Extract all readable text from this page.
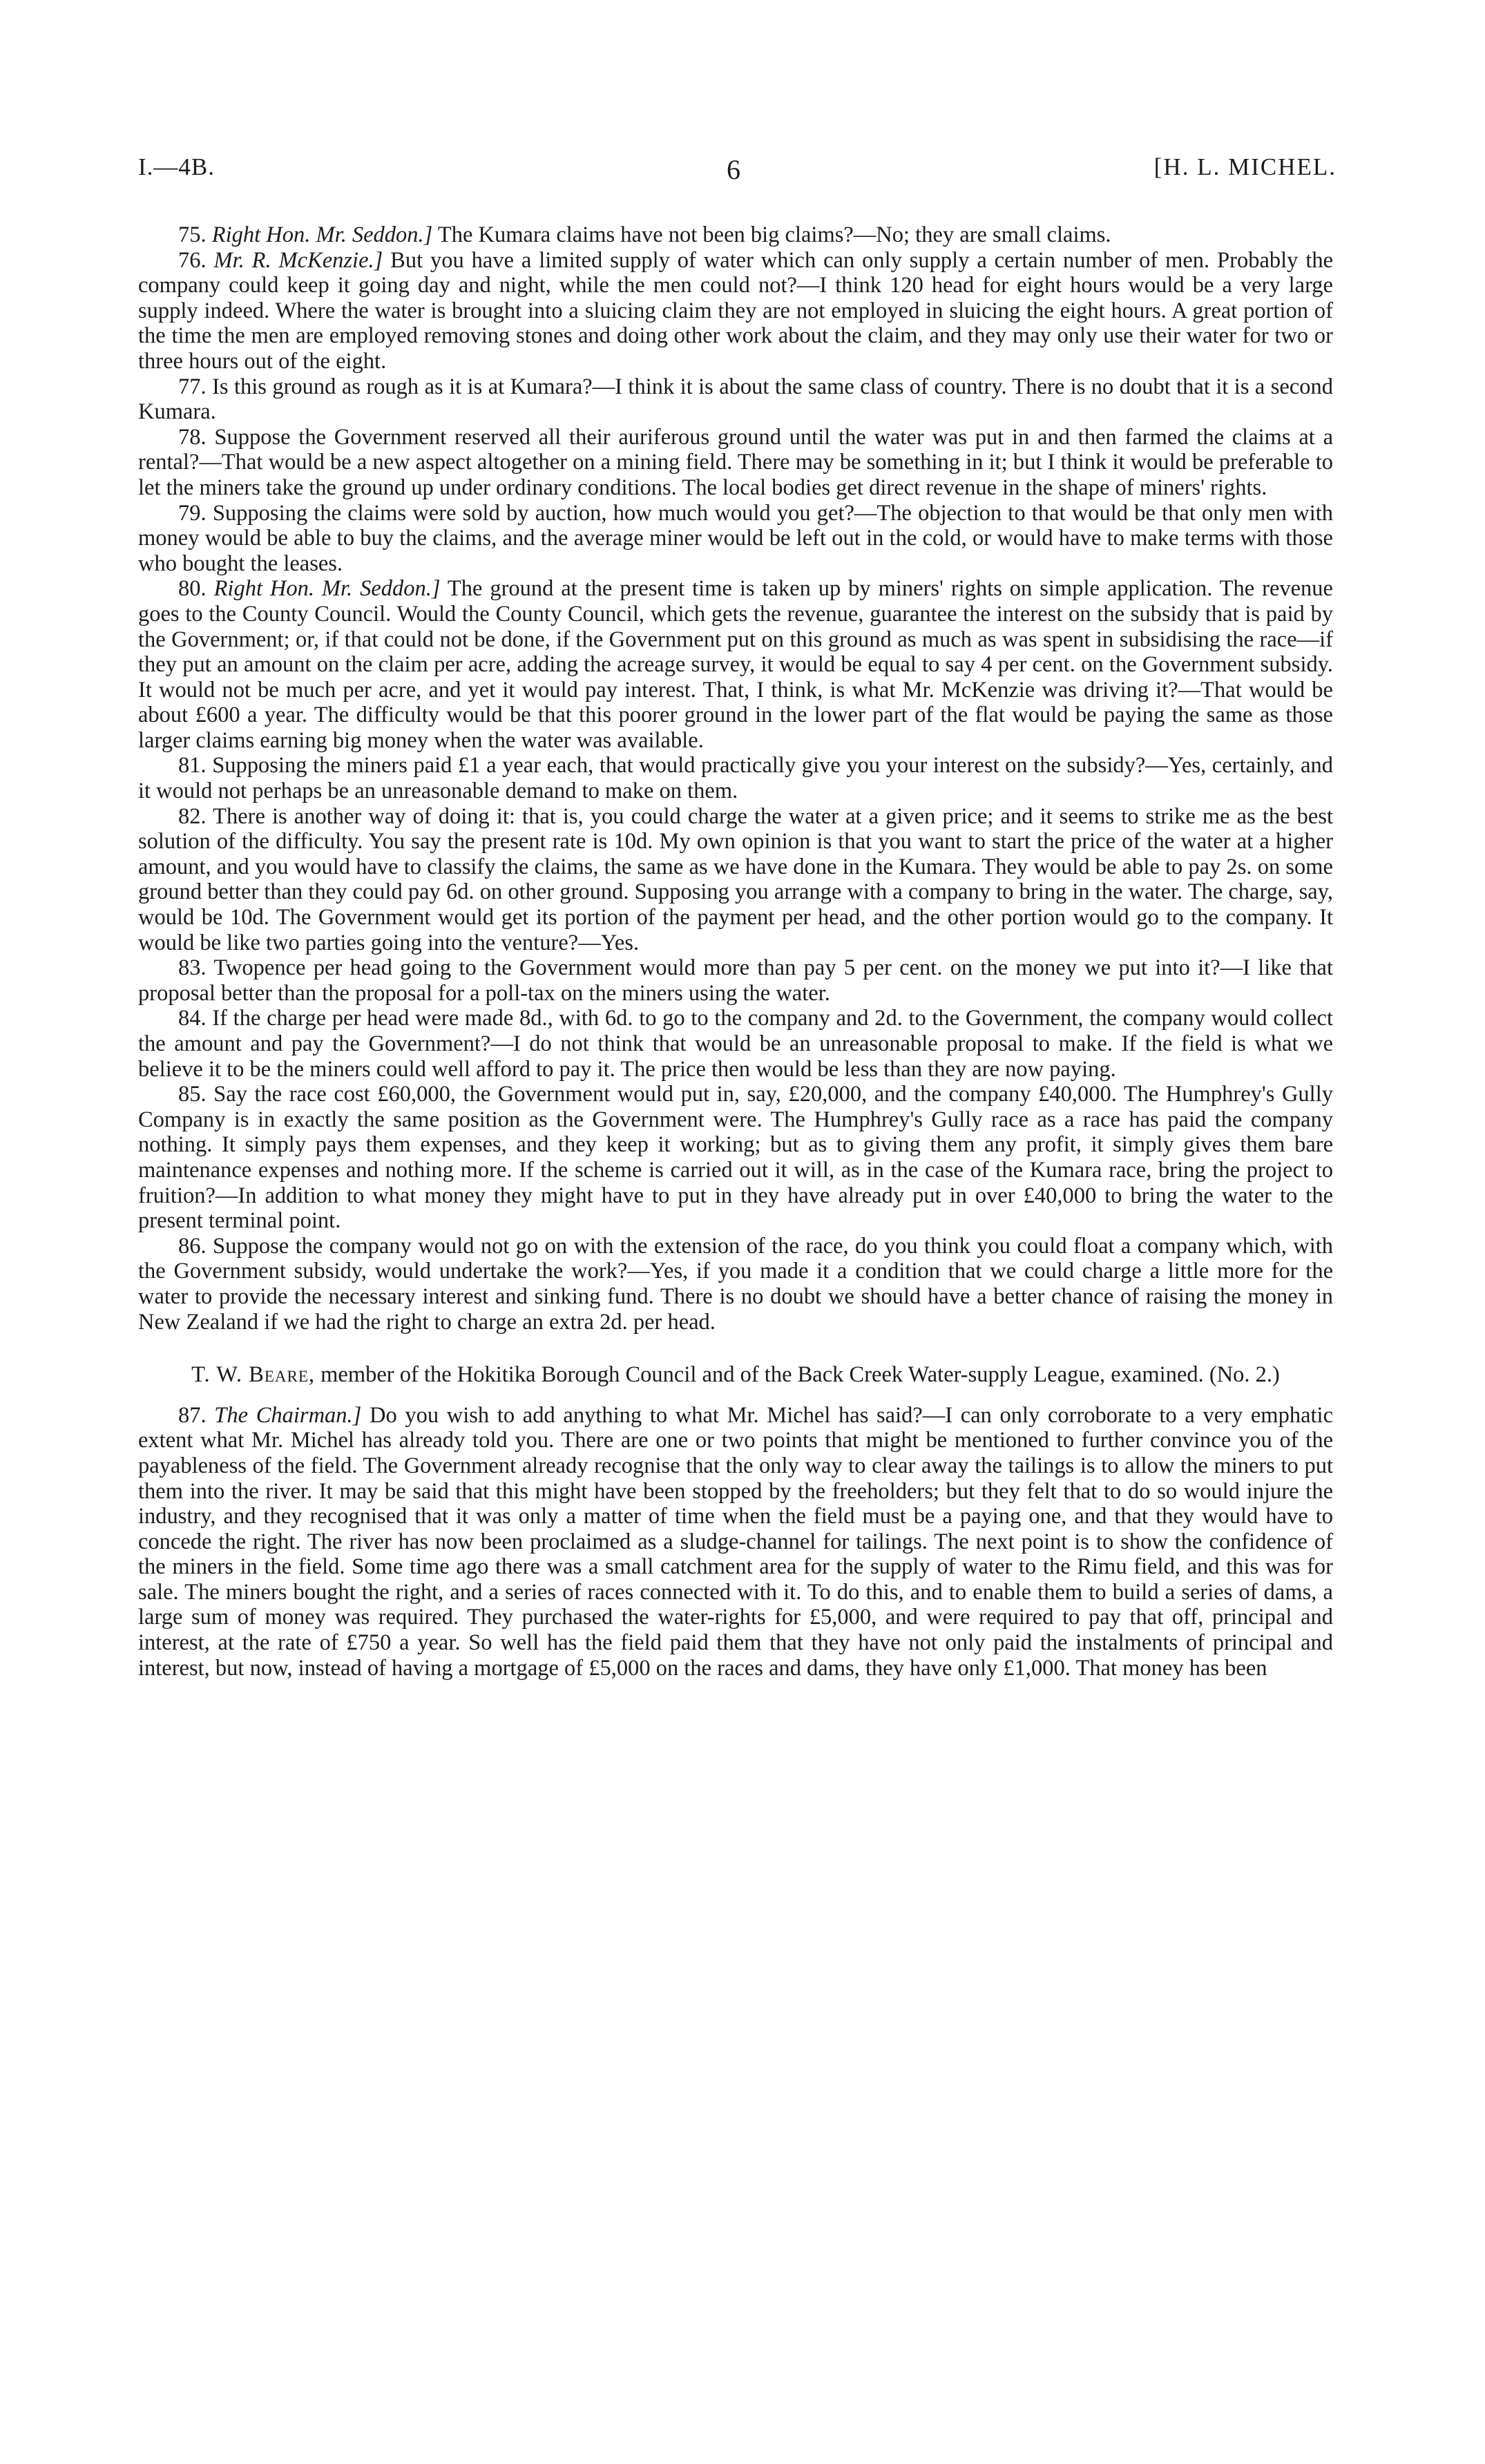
I.—4B.	6	[H. L. MICHEL.

75. Right Hon. Mr. Seddon.] The Kumara claims have not been big claims?—No; they are small claims.

76. Mr. R. McKenzie.] But you have a limited supply of water which can only supply a certain number of men. Probably the company could keep it going day and night, while the men could not?—I think 120 head for eight hours would be a very large supply indeed. Where the water is brought into a sluicing claim they are not employed in sluicing the eight hours. A great portion of the time the men are employed removing stones and doing other work about the claim, and they may only use their water for two or three hours out of the eight.

77. Is this ground as rough as it is at Kumara?—I think it is about the same class of country. There is no doubt that it is a second Kumara.

78. Suppose the Government reserved all their auriferous ground until the water was put in and then farmed the claims at a rental?—That would be a new aspect altogether on a mining field. There may be something in it; but I think it would be preferable to let the miners take the ground up under ordinary conditions. The local bodies get direct revenue in the shape of miners' rights.

79. Supposing the claims were sold by auction, how much would you get?—The objection to that would be that only men with money would be able to buy the claims, and the average miner would be left out in the cold, or would have to make terms with those who bought the leases.

80. Right Hon. Mr. Seddon.] The ground at the present time is taken up by miners' rights on simple application. The revenue goes to the County Council. Would the County Council, which gets the revenue, guarantee the interest on the subsidy that is paid by the Government; or, if that could not be done, if the Government put on this ground as much as was spent in subsidising the race—if they put an amount on the claim per acre, adding the acreage survey, it would be equal to say 4 per cent. on the Government subsidy. It would not be much per acre, and yet it would pay interest. That, I think, is what Mr. McKenzie was driving it?—That would be about £600 a year. The difficulty would be that this poorer ground in the lower part of the flat would be paying the same as those larger claims earning big money when the water was available.

81. Supposing the miners paid £1 a year each, that would practically give you your interest on the subsidy?—Yes, certainly, and it would not perhaps be an unreasonable demand to make on them.

82. There is another way of doing it: that is, you could charge the water at a given price; and it seems to strike me as the best solution of the difficulty. You say the present rate is 10d. My own opinion is that you want to start the price of the water at a higher amount, and you would have to classify the claims, the same as we have done in the Kumara. They would be able to pay 2s. on some ground better than they could pay 6d. on other ground. Supposing you arrange with a company to bring in the water. The charge, say, would be 10d. The Government would get its portion of the payment per head, and the other portion would go to the company. It would be like two parties going into the venture?—Yes.

83. Twopence per head going to the Government would more than pay 5 per cent. on the money we put into it?—I like that proposal better than the proposal for a poll-tax on the miners using the water.

84. If the charge per head were made 8d., with 6d. to go to the company and 2d. to the Government, the company would collect the amount and pay the Government?—I do not think that would be an unreasonable proposal to make. If the field is what we believe it to be the miners could well afford to pay it. The price then would be less than they are now paying.

85. Say the race cost £60,000, the Government would put in, say, £20,000, and the company £40,000. The Humphrey's Gully Company is in exactly the same position as the Government were. The Humphrey's Gully race as a race has paid the company nothing. It simply pays them expenses, and they keep it working; but as to giving them any profit, it simply gives them bare maintenance expenses and nothing more. If the scheme is carried out it will, as in the case of the Kumara race, bring the project to fruition?—In addition to what money they might have to put in they have already put in over £40,000 to bring the water to the present terminal point.

86. Suppose the company would not go on with the extension of the race, do you think you could float a company which, with the Government subsidy, would undertake the work?—Yes, if you made it a condition that we could charge a little more for the water to provide the necessary interest and sinking fund. There is no doubt we should have a better chance of raising the money in New Zealand if we had the right to charge an extra 2d. per head.

T. W. Beare, member of the Hokitika Borough Council and of the Back Creek Water-supply League, examined. (No. 2.)

87. The Chairman.] Do you wish to add anything to what Mr. Michel has said?—I can only corroborate to a very emphatic extent what Mr. Michel has already told you. There are one or two points that might be mentioned to further convince you of the payableness of the field. The Government already recognise that the only way to clear away the tailings is to allow the miners to put them into the river. It may be said that this might have been stopped by the freeholders; but they felt that to do so would injure the industry, and they recognised that it was only a matter of time when the field must be a paying one, and that they would have to concede the right. The river has now been proclaimed as a sludge-channel for tailings. The next point is to show the confidence of the miners in the field. Some time ago there was a small catchment area for the supply of water to the Rimu field, and this was for sale. The miners bought the right, and a series of races connected with it. To do this, and to enable them to build a series of dams, a large sum of money was required. They purchased the water-rights for £5,000, and were required to pay that off, principal and interest, at the rate of £750 a year. So well has the field paid them that they have not only paid the instalments of principal and interest, but now, instead of having a mortgage of £5,000 on the races and dams, they have only £1,000. That money has been
